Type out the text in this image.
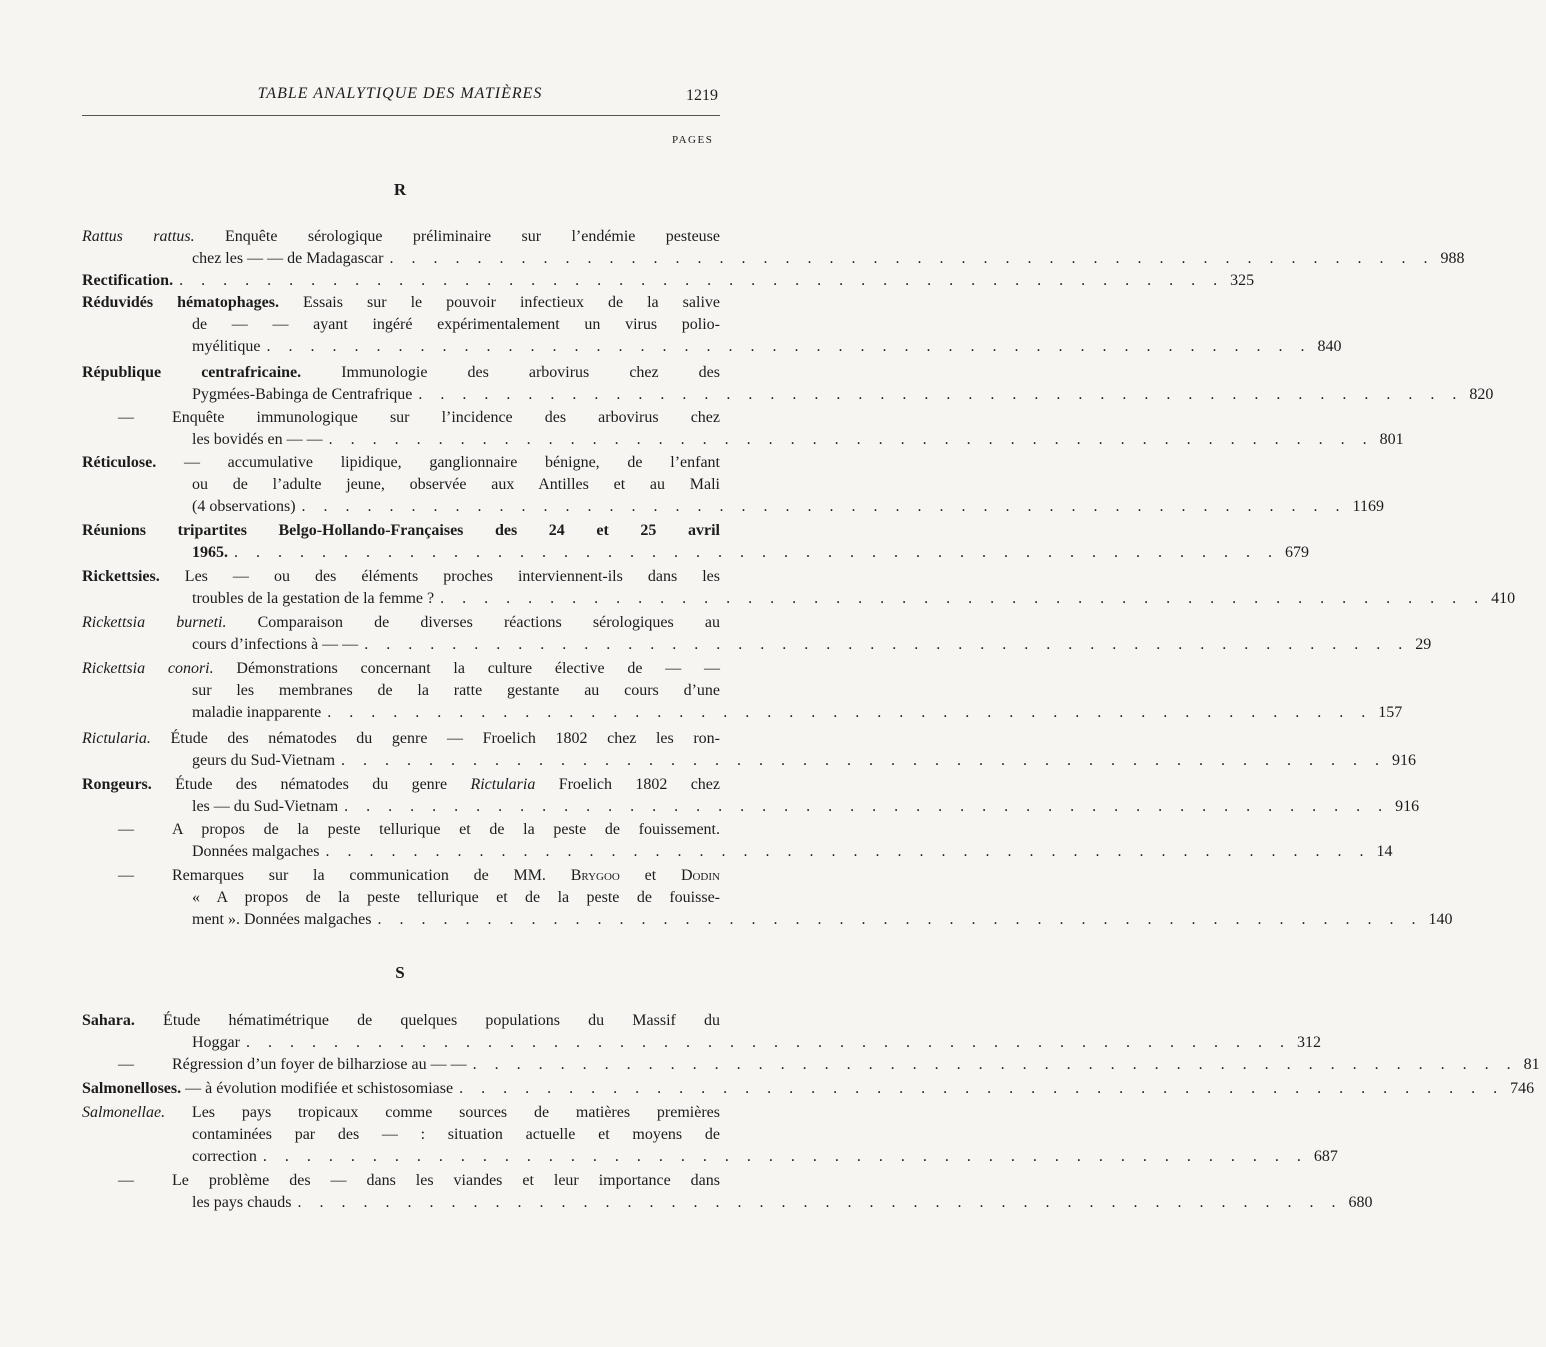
TABLE ANALYTIQUE DES MATIÈRES	1219
PAGES
R
Rattus rattus. Enquête sérologique préliminaire sur l’endémie pesteuse
chez les — — de Madagascar . . . . . . . . . . . . . . . . . . . . . . . . . . . . . . . . . . . . . . . . . . . . . . . . 988
Rectification. . . . . . . . . . . . . . . . . . . . . . . . . . . . . . . . . . . . . . . . . . . . . . . . . 325
Réduvidés hématophages. Essais sur le pouvoir infectieux de la salive
de — — ayant ingéré expérimentalement un virus polio-
myélitique . . . . . . . . . . . . . . . . . . . . . . . . . . . . . . . . . . . . . . . . . . . . . . . . 840
République centrafricaine. Immunologie des arbovirus chez des
Pygmées-Babinga de Centrafrique . . . . . . . . . . . . . . . . . . . . . . . . . . . . . . . . . . . . . . . . . . . . . . . . 820
— Enquête immunologique sur l’incidence des arbovirus chez
les bovidés en — — . . . . . . . . . . . . . . . . . . . . . . . . . . . . . . . . . . . . . . . . . . . . . . . . 801
Réticulose. — accumulative lipidique, ganglionnaire bénigne, de l’enfant
ou de l’adulte jeune, observée aux Antilles et au Mali
(4 observations) . . . . . . . . . . . . . . . . . . . . . . . . . . . . . . . . . . . . . . . . . . . . . . . . 1169
Réunions tripartites Belgo-Hollando-Françaises des 24 et 25 avril
1965. . . . . . . . . . . . . . . . . . . . . . . . . . . . . . . . . . . . . . . . . . . . . . . . . 679
Rickettsies. Les — ou des éléments proches interviennent-ils dans les
troubles de la gestation de la femme ? . . . . . . . . . . . . . . . . . . . . . . . . . . . . . . . . . . . . . . . . . . . . . . . . 410
Rickettsia burneti. Comparaison de diverses réactions sérologiques au
cours d’infections à — — . . . . . . . . . . . . . . . . . . . . . . . . . . . . . . . . . . . . . . . . . . . . . . . . 29
Rickettsia conori. Démonstrations concernant la culture élective de — —
sur les membranes de la ratte gestante au cours d’une
maladie inapparente . . . . . . . . . . . . . . . . . . . . . . . . . . . . . . . . . . . . . . . . . . . . . . . . 157
Rictularia. Étude des nématodes du genre — Froelich 1802 chez les ron-
geurs du Sud-Vietnam . . . . . . . . . . . . . . . . . . . . . . . . . . . . . . . . . . . . . . . . . . . . . . . . 916
Rongeurs. Étude des nématodes du genre Rictularia Froelich 1802 chez
les — du Sud-Vietnam . . . . . . . . . . . . . . . . . . . . . . . . . . . . . . . . . . . . . . . . . . . . . . . . 916
— A propos de la peste tellurique et de la peste de fouissement.
Données malgaches . . . . . . . . . . . . . . . . . . . . . . . . . . . . . . . . . . . . . . . . . . . . . . . . 14
— Remarques sur la communication de MM. Brygoo et Dodin
« A propos de la peste tellurique et de la peste de fouisse-
ment ». Données malgaches . . . . . . . . . . . . . . . . . . . . . . . . . . . . . . . . . . . . . . . . . . . . . . . . 140
S
Sahara. Étude hématimétrique de quelques populations du Massif du
Hoggar . . . . . . . . . . . . . . . . . . . . . . . . . . . . . . . . . . . . . . . . . . . . . . . . 312
— Régression d’un foyer de bilharziose au — — . . . . . . . . . . . . . . . . . . . . . . . . . . . . . . . . . . . . . . . . . . . . . . . . 81
Salmonelloses. — à évolution modifiée et schistosomiase . . . . . . . . . . . . . . . . . . . . . . . . . . . . . . . . . . . . . . . . . . . . . . . . 746
Salmonellae. Les pays tropicaux comme sources de matières premières
contaminées par des — : situation actuelle et moyens de
correction . . . . . . . . . . . . . . . . . . . . . . . . . . . . . . . . . . . . . . . . . . . . . . . . 687
— Le problème des — dans les viandes et leur importance dans
les pays chauds . . . . . . . . . . . . . . . . . . . . . . . . . . . . . . . . . . . . . . . . . . . . . . . . 680
